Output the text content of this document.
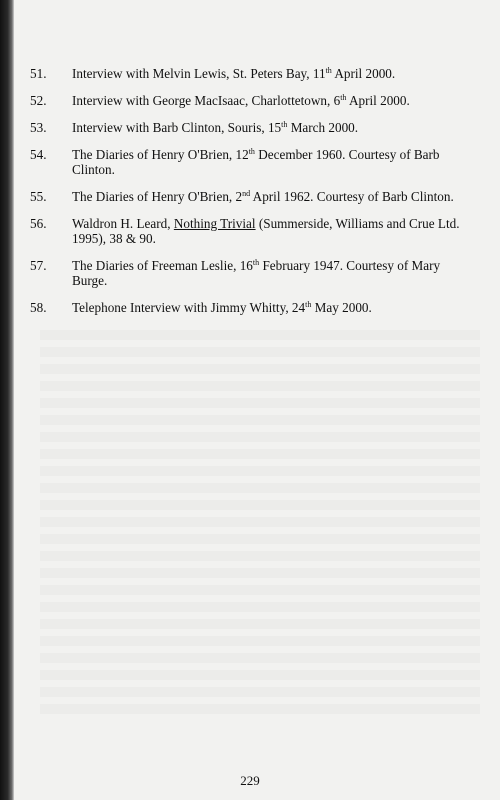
51.	Interview with Melvin Lewis, St. Peters Bay, 11th April 2000.
52.	Interview with George MacIsaac, Charlottetown, 6th April 2000.
53.	Interview with Barb Clinton, Souris, 15th March 2000.
54.	The Diaries of Henry O'Brien, 12th December 1960. Courtesy of Barb Clinton.
55.	The Diaries of Henry O'Brien, 2nd April 1962. Courtesy of Barb Clinton.
56.	Waldron H. Leard, Nothing Trivial (Summerside, Williams and Crue Ltd. 1995), 38 & 90.
57.	The Diaries of Freeman Leslie, 16th February 1947. Courtesy of Mary Burge.
58.	Telephone Interview with Jimmy Whitty, 24th May 2000.
229
